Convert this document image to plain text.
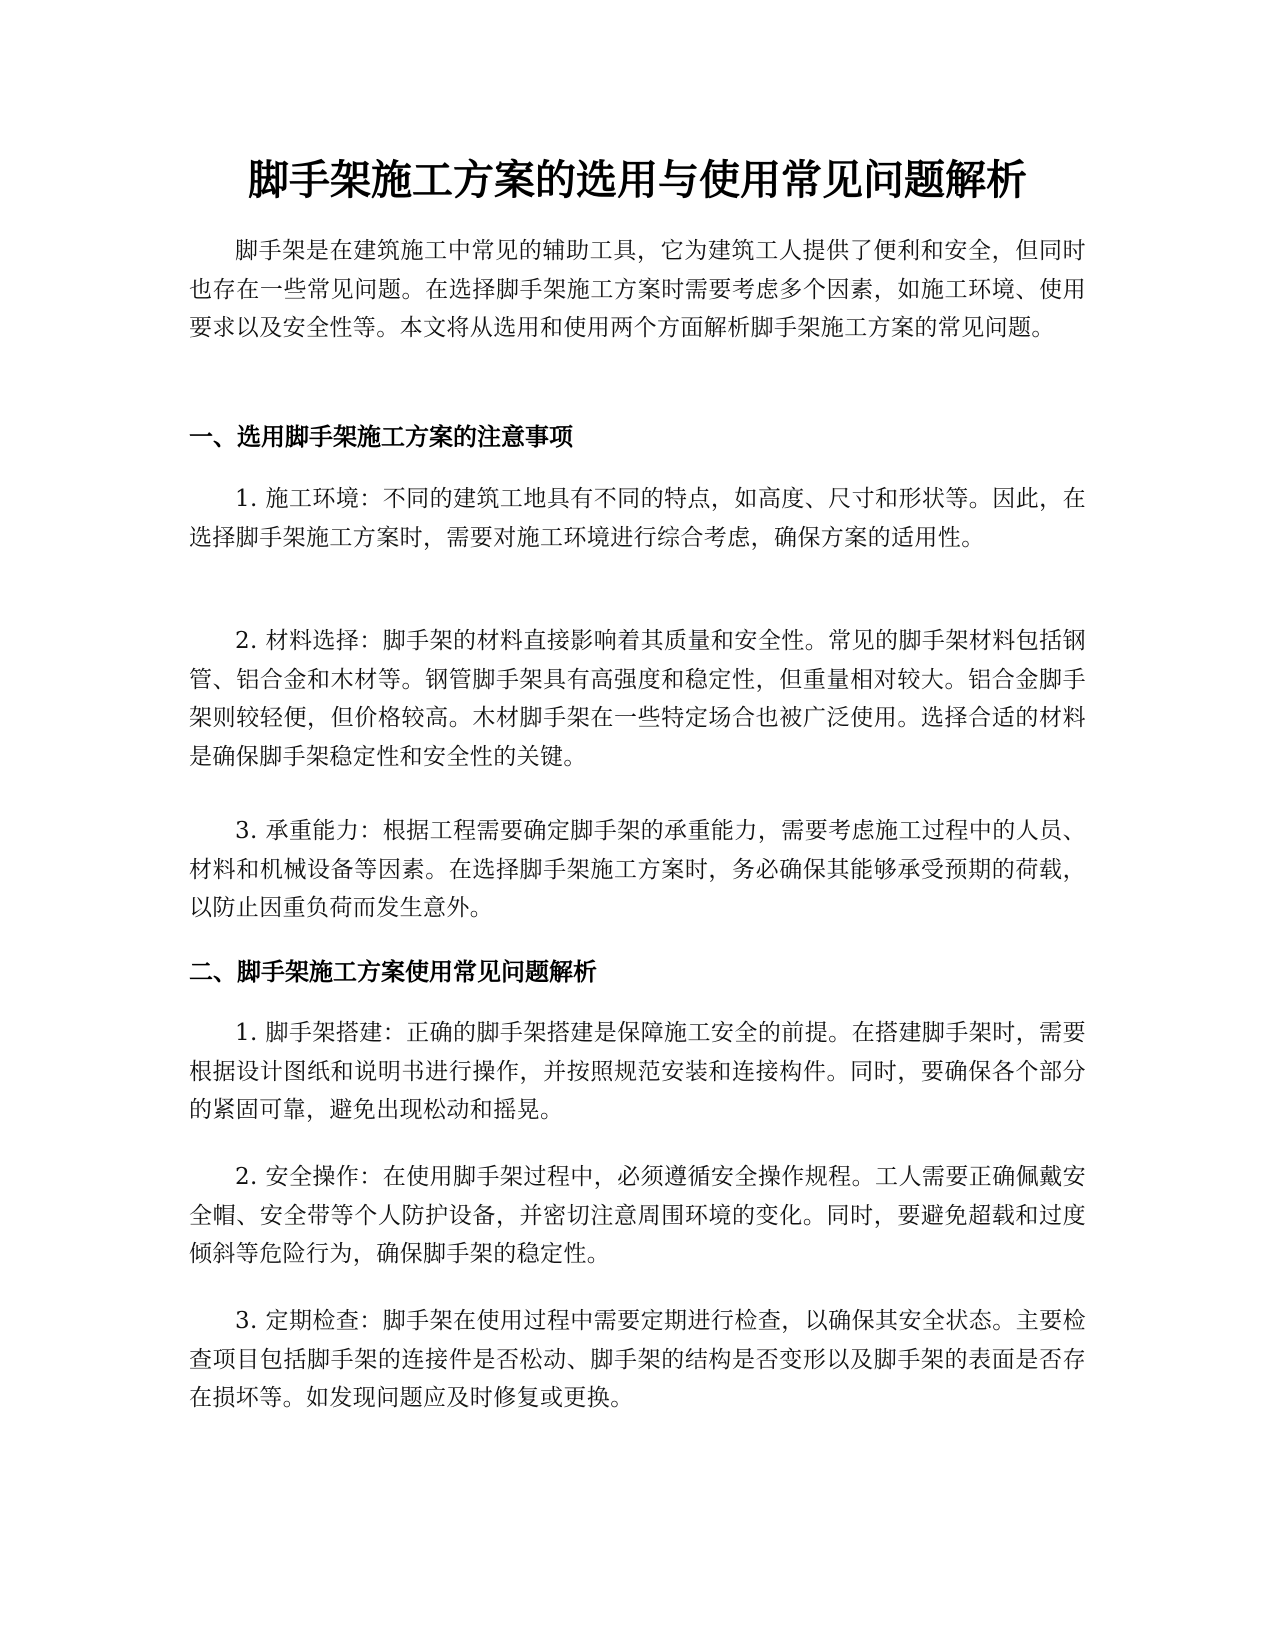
脚手架施工方案的选用与使用常见问题解析

脚手架是在建筑施工中常见的辅助工具，它为建筑工人提供了便利和安全，但同时也存在一些常见问题。在选择脚手架施工方案时需要考虑多个因素，如施工环境、使用要求以及安全性等。本文将从选用和使用两个方面解析脚手架施工方案的常见问题。

一、选用脚手架施工方案的注意事项

1. 施工环境：不同的建筑工地具有不同的特点，如高度、尺寸和形状等。因此，在选择脚手架施工方案时，需要对施工环境进行综合考虑，确保方案的适用性。

2. 材料选择：脚手架的材料直接影响着其质量和安全性。常见的脚手架材料包括钢管、铝合金和木材等。钢管脚手架具有高强度和稳定性，但重量相对较大。铝合金脚手架则较轻便，但价格较高。木材脚手架在一些特定场合也被广泛使用。选择合适的材料是确保脚手架稳定性和安全性的关键。

3. 承重能力：根据工程需要确定脚手架的承重能力，需要考虑施工过程中的人员、材料和机械设备等因素。在选择脚手架施工方案时，务必确保其能够承受预期的荷载，以防止因重负荷而发生意外。

二、脚手架施工方案使用常见问题解析

1. 脚手架搭建：正确的脚手架搭建是保障施工安全的前提。在搭建脚手架时，需要根据设计图纸和说明书进行操作，并按照规范安装和连接构件。同时，要确保各个部分的紧固可靠，避免出现松动和摇晃。

2. 安全操作：在使用脚手架过程中，必须遵循安全操作规程。工人需要正确佩戴安全帽、安全带等个人防护设备，并密切注意周围环境的变化。同时，要避免超载和过度倾斜等危险行为，确保脚手架的稳定性。

3. 定期检查：脚手架在使用过程中需要定期进行检查，以确保其安全状态。主要检查项目包括脚手架的连接件是否松动、脚手架的结构是否变形以及脚手架的表面是否存在损坏等。如发现问题应及时修复或更换。
